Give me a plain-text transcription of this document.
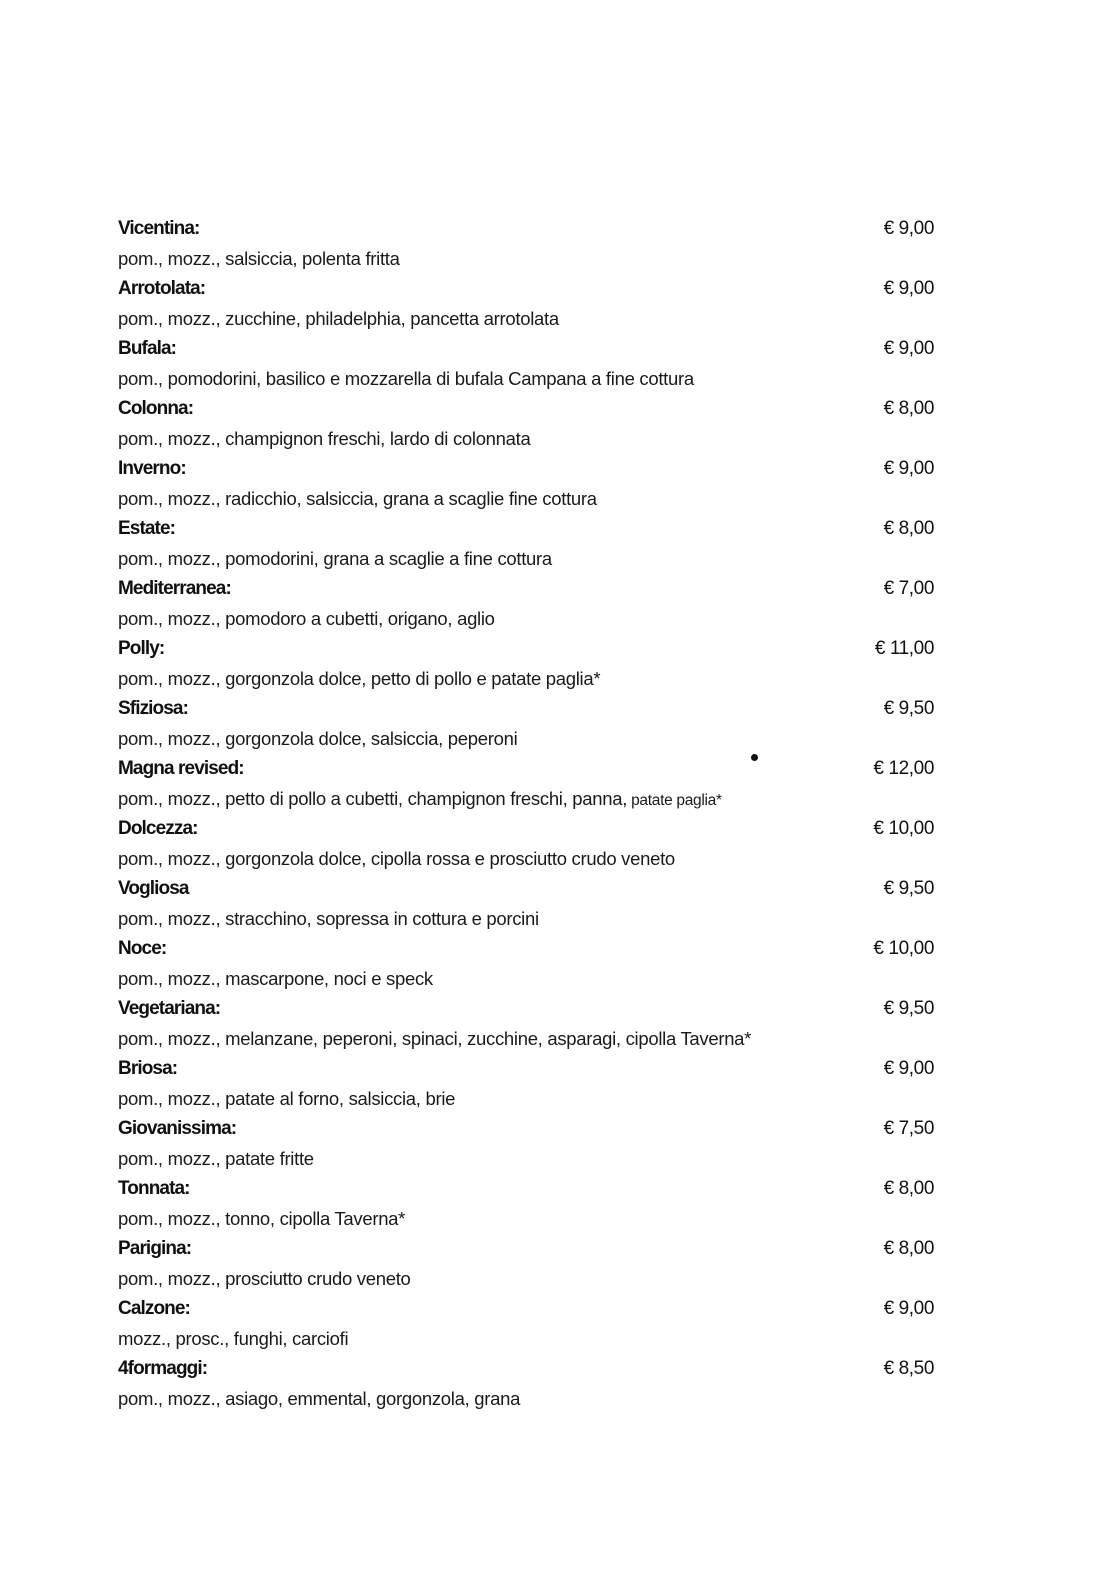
Vicentina:	€ 9,00
pom., mozz., salsiccia, polenta fritta
Arrotolata:	€ 9,00
pom., mozz., zucchine, philadelphia, pancetta arrotolata
Bufala:	€ 9,00
pom., pomodorini, basilico e mozzarella di bufala Campana a fine cottura
Colonna:	€ 8,00
pom., mozz., champignon freschi, lardo di colonnata
Inverno:	€ 9,00
pom., mozz., radicchio, salsiccia, grana a scaglie fine cottura
Estate:	€ 8,00
pom., mozz., pomodorini, grana a scaglie a fine cottura
Mediterranea:	€ 7,00
pom., mozz., pomodoro a cubetti, origano, aglio
Polly:	€ 11,00
pom., mozz., gorgonzola dolce, petto di pollo e patate paglia*
Sfiziosa:	€ 9,50
pom., mozz., gorgonzola dolce, salsiccia, peperoni
Magna revised:	€ 12,00
pom., mozz., petto di pollo a cubetti, champignon freschi, panna, patate paglia*
Dolcezza:	€ 10,00
pom., mozz., gorgonzola dolce, cipolla rossa e prosciutto crudo veneto
Vogliosa	€ 9,50
pom., mozz., stracchino, sopressa in cottura e porcini
Noce:	€ 10,00
pom., mozz., mascarpone, noci e speck
Vegetariana:	€ 9,50
pom., mozz., melanzane, peperoni, spinaci, zucchine, asparagi, cipolla Taverna*
Briosa:	€ 9,00
pom., mozz., patate al forno, salsiccia, brie
Giovanissima:	€ 7,50
pom., mozz., patate fritte
Tonnata:	€ 8,00
pom., mozz., tonno, cipolla Taverna*
Parigina:	€ 8,00
pom., mozz., prosciutto crudo veneto
Calzone:	€ 9,00
mozz., prosc., funghi, carciofi
4formaggi:	€ 8,50
pom., mozz., asiago, emmental, gorgonzola, grana
